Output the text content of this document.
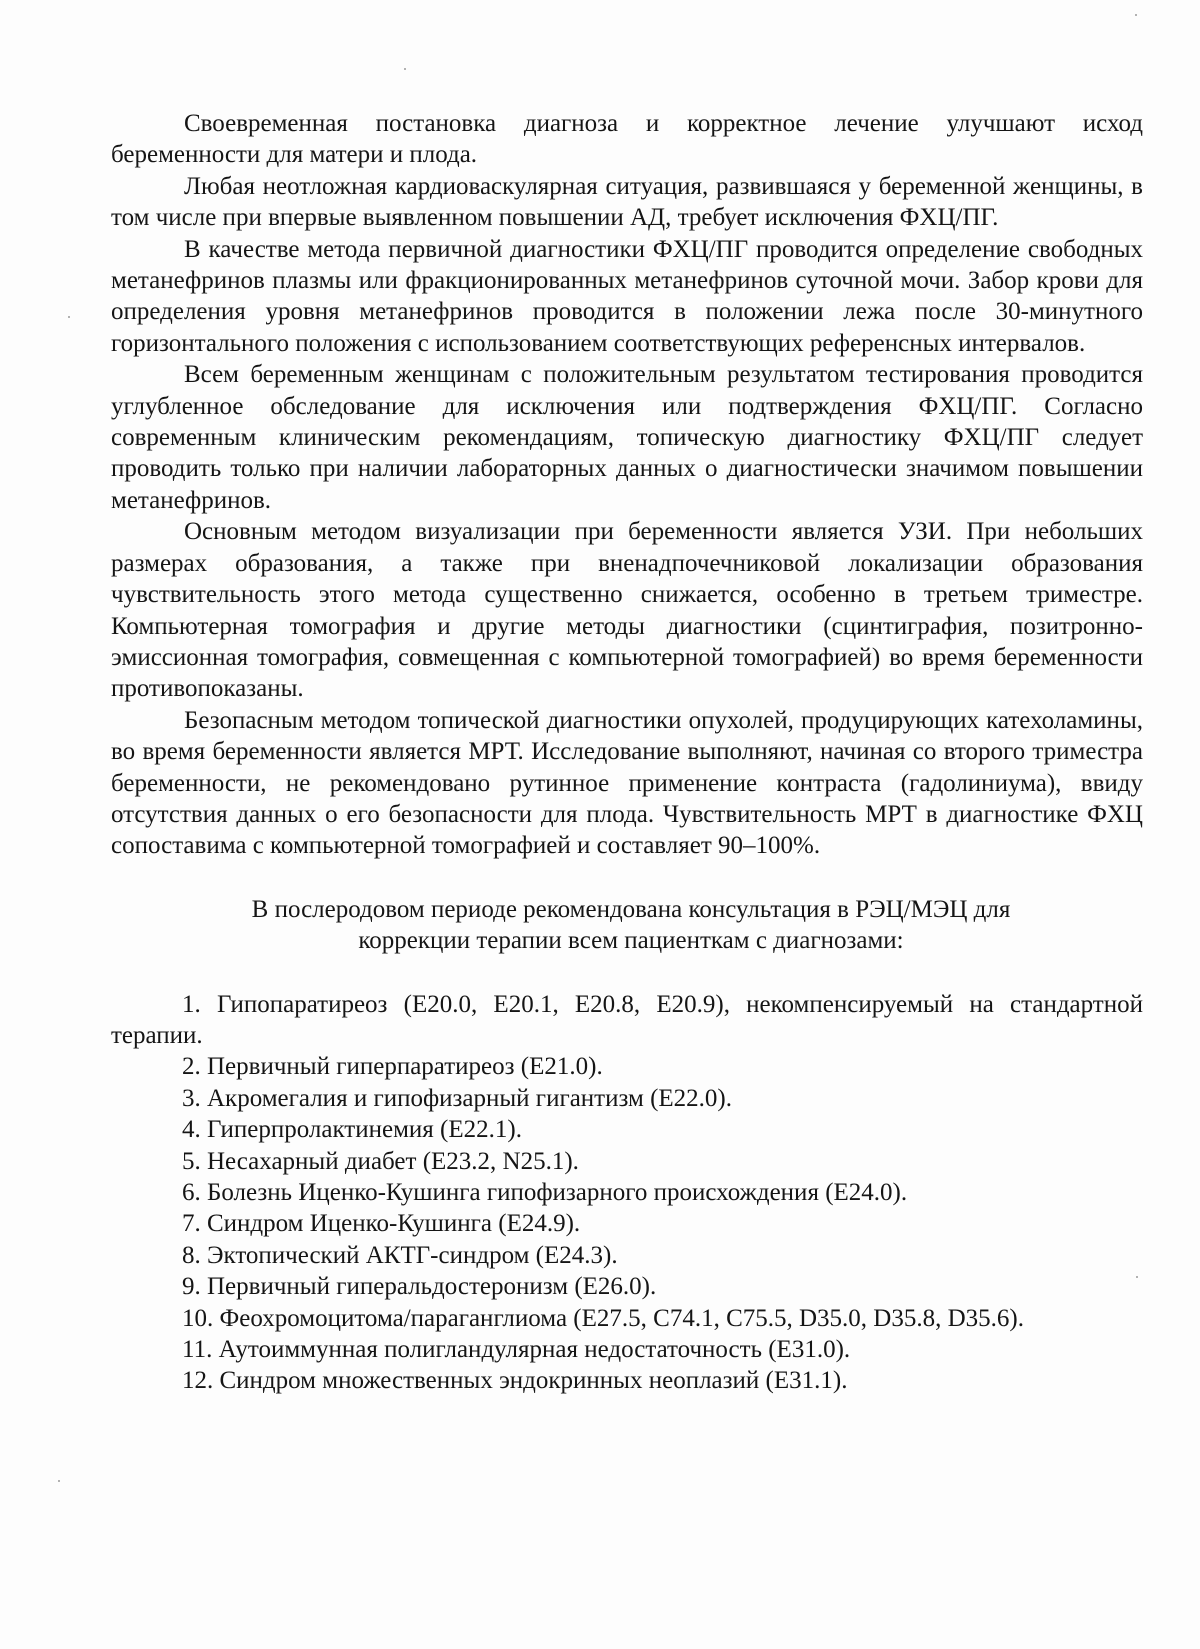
Своевременная постановка диагноза и корректное лечение улучшают исход беременности для матери и плода.

Любая неотложная кардиоваскулярная ситуация, развившаяся у беременной женщины, в том числе при впервые выявленном повышении АД, требует исключения ФХЦ/ПГ.

В качестве метода первичной диагностики ФХЦ/ПГ проводится определение свободных метанефринов плазмы или фракционированных метанефринов суточной мочи. Забор крови для определения уровня метанефринов проводится в положении лежа после 30-минутного горизонтального положения с использованием соответствующих референсных интервалов.

Всем беременным женщинам с положительным результатом тестирования проводится углубленное обследование для исключения или подтверждения ФХЦ/ПГ. Согласно современным клиническим рекомендациям, топическую диагностику ФХЦ/ПГ следует проводить только при наличии лабораторных данных о диагностически значимом повышении метанефринов.

Основным методом визуализации при беременности является УЗИ. При небольших размерах образования, а также при вненадпочечниковой локализации образования чувствительность этого метода существенно снижается, особенно в третьем триместре. Компьютерная томография и другие методы диагностики (сцинтиграфия, позитронно-эмиссионная томография, совмещенная с компьютерной томографией) во время беременности противопоказаны.

Безопасным методом топической диагностики опухолей, продуцирующих катехоламины, во время беременности является МРТ. Исследование выполняют, начиная со второго триместра беременности, не рекомендовано рутинное применение контраста (гадолиниума), ввиду отсутствия данных о его безопасности для плода. Чувствительность МРТ в диагностике ФХЦ сопоставима с компьютерной томографией и составляет 90–100%.

В послеродовом периоде рекомендована консультация в РЭЦ/МЭЦ для
коррекции терапии всем пациенткам с диагнозами:
1. Гипопаратиреоз (E20.0, E20.1, E20.8, E20.9), некомпенсируемый на стандартной терапии.
2. Первичный гиперпаратиреоз (E21.0).
3. Акромегалия и гипофизарный гигантизм (E22.0).
4. Гиперпролактинемия (E22.1).
5. Несахарный диабет (E23.2, N25.1).
6. Болезнь Иценко-Кушинга гипофизарного происхождения (E24.0).
7. Синдром Иценко-Кушинга (E24.9).
8. Эктопический АКТГ-синдром (E24.3).
9. Первичный гиперальдостеронизм (E26.0).
10. Феохромоцитома/параганглиома (E27.5, C74.1, C75.5, D35.0, D35.8, D35.6).
11. Аутоиммунная полигландулярная недостаточность (E31.0).
12. Синдром множественных эндокринных неоплазий (E31.1).
